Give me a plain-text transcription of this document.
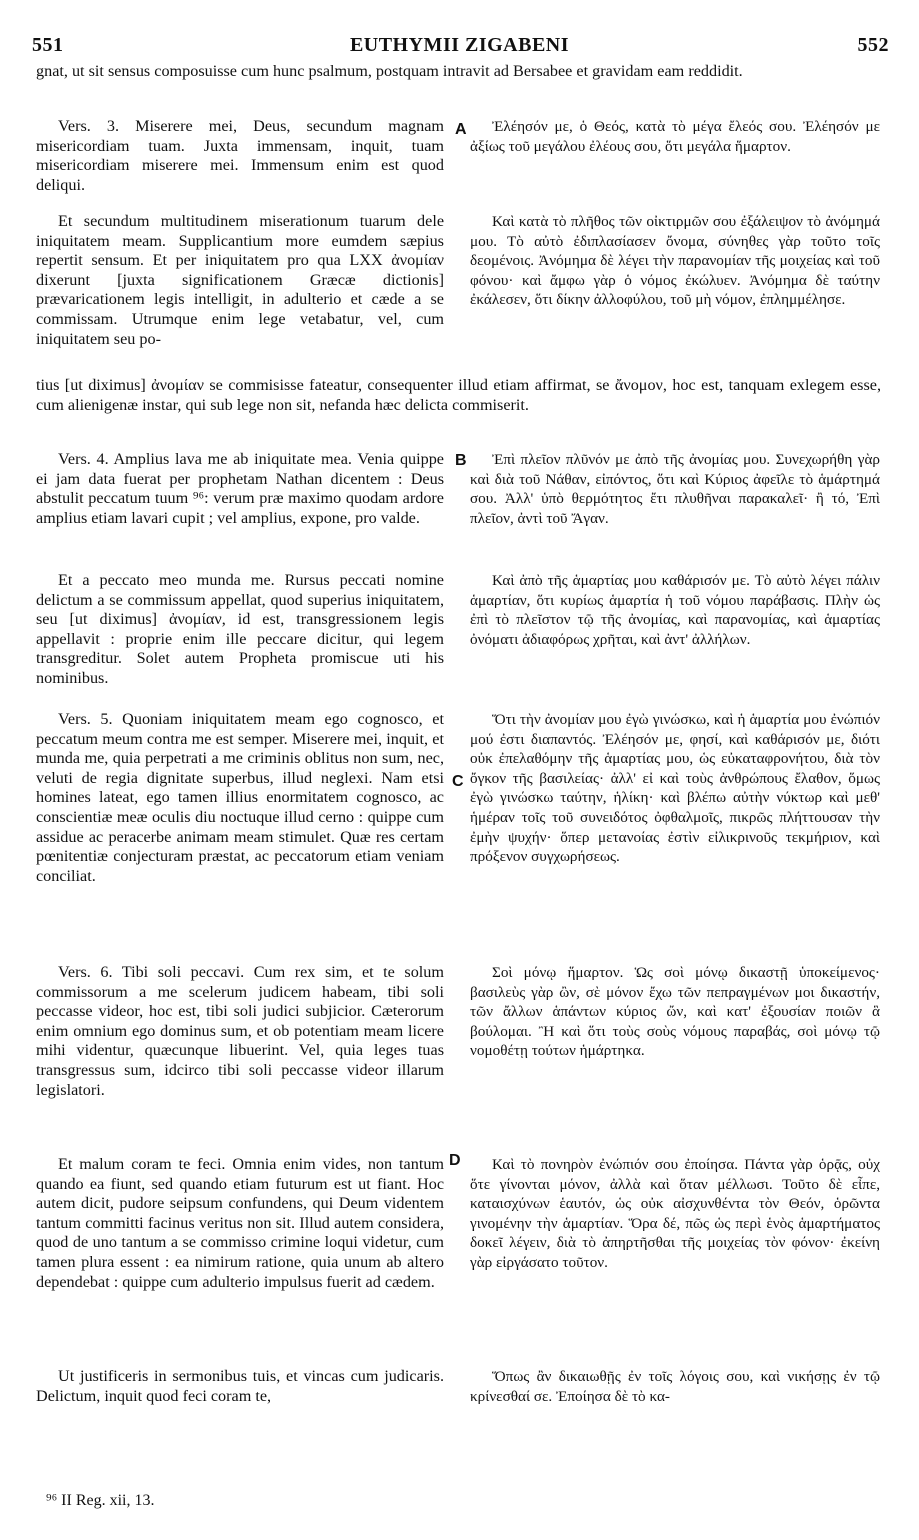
551	EUTHYMII ZIGABENI	552
gnat, ut sit sensus composuisse cum hunc psalmum, postquam intravit ad Bersabee et gravidam eam reddidit.

Vers. 3. Miserere mei, Deus, secundum magnam misericordiam tuam. Juxta immensam, inquit, tuam misericordiam miserere mei. Immensum enim est quod deliqui.

Ἐλέησόν με, ὁ Θεός, κατὰ τὸ μέγα ἔλεός σου. Ἐλέησόν με ἀξίως τοῦ μεγάλου ἐλέους σου, ὅτι μεγάλα ἥμαρτον.

Et secundum multitudinem miserationum tuarum dele iniquitatem meam. Supplicantium more eumdem sæpius repertit sensum. Et per iniquitatem pro qua LXX ἀνομίαν dixerunt [juxta significationem Græcæ dictionis] prævaricationem legis intelligit, in adulterio et cæde a se commissam. Utrumque enim lege vetabatur, vel, cum iniquitatem seu po-

Καὶ κατὰ τὸ πλῆθος τῶν οἰκτιρμῶν σου ἐξάλειψον τὸ ἀνόμημά μου. Τὸ αὐτὸ ἐδιπλασίασεν ὄνομα, σύνηθες γὰρ τοῦτο τοῖς δεομένοις. Ἀνόμημα δὲ λέγει τὴν παρανομίαν τῆς μοιχείας καὶ τοῦ φόνου· καὶ ἄμφω γὰρ ὁ νόμος ἐκώλυεν. Ἀνόμημα δὲ ταύτην ἐκάλεσεν, ὅτι δίκην ἀλλοφύλου, τοῦ μὴ νόμον, ἐπλημμέλησε.

tius [ut diximus] ἀνομίαν se commisisse fateatur, consequenter illud etiam affirmat, se ἄνομον, hoc est, tanquam exlegem esse, cum alienigenæ instar, qui sub lege non sit, nefanda hæc delicta commiserit.

Vers. 4. Amplius lava me ab iniquitate mea. Venia quippe ei jam data fuerat per prophetam Nathan dicentem : Deus abstulit peccatum tuum ⁹⁶: verum præ maximo quodam ardore amplius etiam lavari cupit ; vel amplius, expone, pro valde.

Ἐπὶ πλεῖον πλῦνόν με ἀπὸ τῆς ἀνομίας μου. Συνεχωρήθη γὰρ καὶ διὰ τοῦ Νάθαν, εἰπόντος, ὅτι καὶ Κύριος ἀφεῖλε τὸ ἁμάρτημά σου. Ἀλλ' ὑπὸ θερμότητος ἔτι πλυθῆναι παρακαλεῖ· ἢ τό, Ἐπὶ πλεῖον, ἀντὶ τοῦ Ἄγαν.

Et a peccato meo munda me. Rursus peccati nomine delictum a se commissum appellat, quod superius iniquitatem, seu [ut diximus] ἀνομίαν, id est, transgressionem legis appellavit : proprie enim ille peccare dicitur, qui legem transgreditur. Solet autem Propheta promiscue uti his nominibus.

Καὶ ἀπὸ τῆς ἁμαρτίας μου καθάρισόν με. Τὸ αὐτὸ λέγει πάλιν ἁμαρτίαν, ὅτι κυρίως ἁμαρτία ἡ τοῦ νόμου παράβασις. Πλὴν ὡς ἐπὶ τὸ πλεῖστον τῷ τῆς ἀνομίας, καὶ παρανομίας, καὶ ἁμαρτίας ὀνόματι ἀδιαφόρως χρῆται, καὶ ἀντ' ἀλλήλων.

Vers. 5. Quoniam iniquitatem meam ego cognosco, et peccatum meum contra me est semper. Miserere mei, inquit, et munda me, quia perpetrati a me criminis oblitus non sum, nec, veluti de regia dignitate superbus, illud neglexi. Nam etsi homines lateat, ego tamen illius enormitatem cognosco, ac conscientiæ meæ oculis diu noctuque illud cerno : quippe cum assidue ac peracerbe animam meam stimulet. Quæ res certam pœnitentiæ conjecturam præstat, ac peccatorum etiam veniam conciliat.

Ὅτι τὴν ἀνομίαν μου ἐγὼ γινώσκω, καὶ ἡ ἁμαρτία μου ἐνώπιόν μού ἐστι διαπαντός. Ἐλέησόν με, φησί, καὶ καθάρισόν με, διότι οὐκ ἐπελαθόμην τῆς ἁμαρτίας μου, ὡς εὐκαταφρονήτου, διὰ τὸν ὄγκον τῆς βασιλείας· ἀλλ' εἰ καὶ τοὺς ἀνθρώπους ἔλαθον, ὅμως ἐγὼ γινώσκω ταύτην, ἡλίκη· καὶ βλέπω αὐτὴν νύκτωρ καὶ μεθ' ἡμέραν τοῖς τοῦ συνειδότος ὀφθαλμοῖς, πικρῶς πλήττουσαν τὴν ἐμὴν ψυχήν· ὅπερ μετανοίας ἐστὶν εἰλικρινοῦς τεκμήριον, καὶ πρόξενον συγχωρήσεως.

Vers. 6. Tibi soli peccavi. Cum rex sim, et te solum commissorum a me scelerum judicem habeam, tibi soli peccasse videor, hoc est, tibi soli judici subjicior. Cæterorum enim omnium ego dominus sum, et ob potentiam meam licere mihi videntur, quæcunque libuerint. Vel, quia leges tuas transgressus sum, idcirco tibi soli peccasse videor illarum legislatori.

Σοὶ μόνῳ ἥμαρτον. Ὡς σοὶ μόνῳ δικαστῇ ὑποκείμενος· βασιλεὺς γὰρ ὢν, σὲ μόνον ἔχω τῶν πεπραγμένων μοι δικαστήν, τῶν ἄλλων ἁπάντων κύριος ὤν, καὶ κατ' ἐξουσίαν ποιῶν ἃ βούλομαι. Ἢ καὶ ὅτι τοὺς σοὺς νόμους παραβάς, σοὶ μόνῳ τῷ νομοθέτῃ τούτων ἡμάρτηκα.

Et malum coram te feci. Omnia enim vides, non tantum quando ea fiunt, sed quando etiam futurum est ut fiant. Hoc autem dicit, pudore seipsum confundens, qui Deum videntem tantum committi facinus veritus non sit. Illud autem considera, quod de uno tantum a se commisso crimine loqui videtur, cum tamen plura essent : ea nimirum ratione, quia unum ab altero dependebat : quippe cum adulterio impulsus fuerit ad cædem.

Καὶ τὸ πονηρὸν ἐνώπιόν σου ἐποίησα. Πάντα γὰρ ὁρᾷς, οὐχ ὅτε γίνονται μόνον, ἀλλὰ καὶ ὅταν μέλλωσι. Τοῦτο δὲ εἶπε, καταισχύνων ἑαυτόν, ὡς οὐκ αἰσχυνθέντα τὸν Θεόν, ὁρῶντα γινομένην τὴν ἁμαρτίαν. Ὅρα δέ, πῶς ὡς περὶ ἑνὸς ἁμαρτήματος δοκεῖ λέγειν, διὰ τὸ ἀπηρτῆσθαι τῆς μοιχείας τὸν φόνον· ἐκείνη γὰρ εἰργάσατο τοῦτον.

Ut justificeris in sermonibus tuis, et vincas cum judicaris. Delictum, inquit quod feci coram te,

Ὅπως ἂν δικαιωθῇς ἐν τοῖς λόγοις σου, καὶ νικήσῃς ἐν τῷ κρίνεσθαί σε. Ἐποίησα δὲ τὸ κα-

A
B
C
D
⁹⁶ II Reg. xii, 13.
